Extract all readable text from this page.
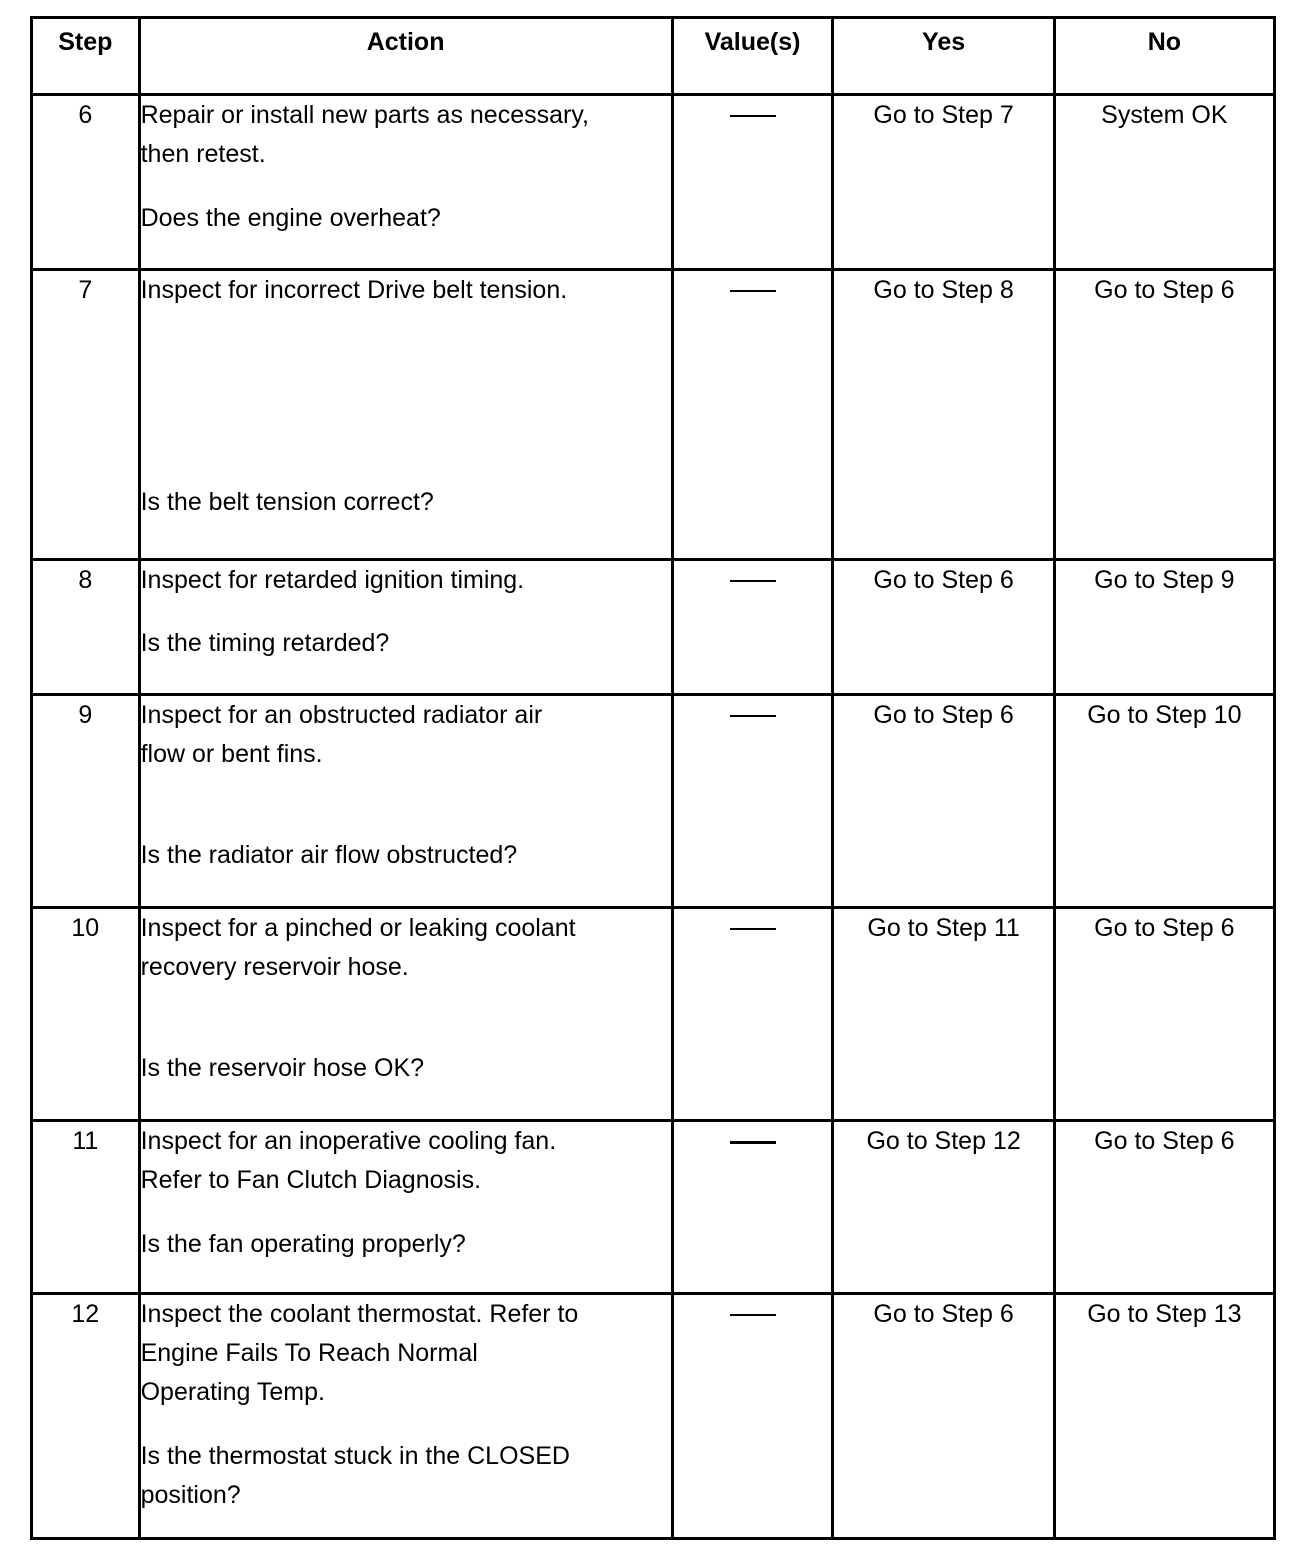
Step	Action	Value(s)	Yes	No
6	Repair or install new parts as necessary,
then retest.
Does the engine overheat?		Go to Step 7	System OK
7	Inspect for incorrect Drive belt tension.
Is the belt tension correct?		Go to Step 8	Go to Step 6
8	Inspect for retarded ignition timing.
Is the timing retarded?		Go to Step 6	Go to Step 9
9	Inspect for an obstructed radiator air
flow or bent fins.
Is the radiator air flow obstructed?		Go to Step 6	Go to Step 10
10	Inspect for a pinched or leaking coolant
recovery reservoir hose.
Is the reservoir hose OK?		Go to Step 11	Go to Step 6
11	Inspect for an inoperative cooling fan.
Refer to Fan Clutch Diagnosis.
Is the fan operating properly?		Go to Step 12	Go to Step 6
12	Inspect the coolant thermostat. Refer to
Engine Fails To Reach Normal
Operating Temp.
Is the thermostat stuck in the CLOSED
position?		Go to Step 6	Go to Step 13
